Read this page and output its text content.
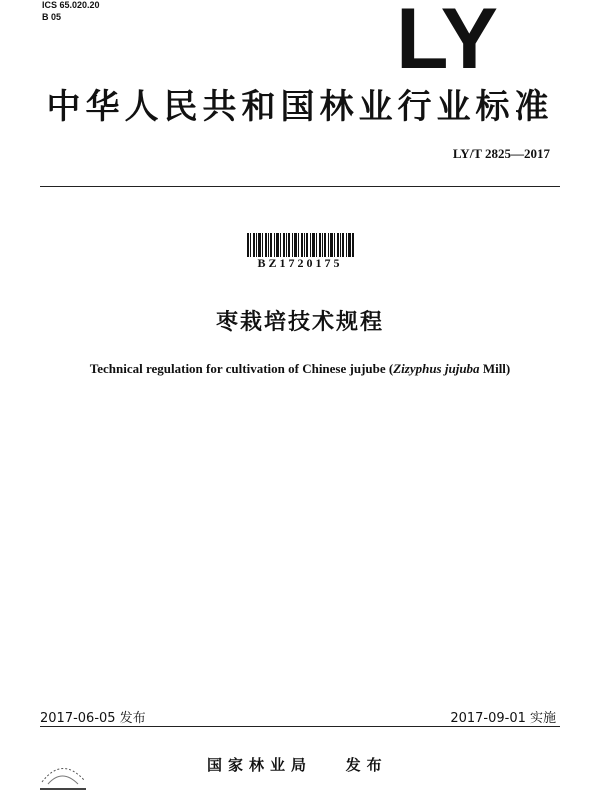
ICS 65.020.20
B 05	LY
中华人民共和国林业行业标准
LY/T 2825—2017
BZ1720175
枣栽培技术规程
Technical regulation for cultivation of Chinese jujube (Zizyphus jujuba Mill)
2017-06-05 发布	2017-09-01 实施
国家林业局   发布
